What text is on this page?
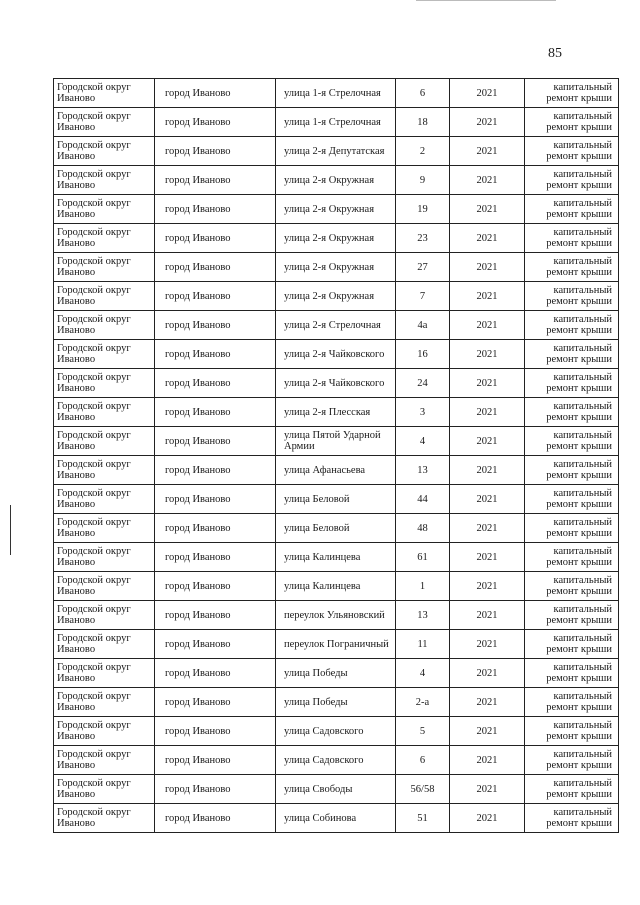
85
Городской округ Иваново	город Иваново	улица 1-я Стрелочная	6	2021	капитальный ремонт крыши
Городской округ Иваново	город Иваново	улица 1-я Стрелочная	18	2021	капитальный ремонт крыши
Городской округ Иваново	город Иваново	улица 2-я Депутатская	2	2021	капитальный ремонт крыши
Городской округ Иваново	город Иваново	улица 2-я Окружная	9	2021	капитальный ремонт крыши
Городской округ Иваново	город Иваново	улица 2-я Окружная	19	2021	капитальный ремонт крыши
Городской округ Иваново	город Иваново	улица 2-я Окружная	23	2021	капитальный ремонт крыши
Городской округ Иваново	город Иваново	улица 2-я Окружная	27	2021	капитальный ремонт крыши
Городской округ Иваново	город Иваново	улица 2-я Окружная	7	2021	капитальный ремонт крыши
Городской округ Иваново	город Иваново	улица 2-я Стрелочная	4а	2021	капитальный ремонт крыши
Городской округ Иваново	город Иваново	улица 2-я Чайковского	16	2021	капитальный ремонт крыши
Городской округ Иваново	город Иваново	улица 2-я Чайковского	24	2021	капитальный ремонт крыши
Городской округ Иваново	город Иваново	улица 2-я Плесская	3	2021	капитальный ремонт крыши
Городской округ Иваново	город Иваново	улица Пятой Ударной Армии	4	2021	капитальный ремонт крыши
Городской округ Иваново	город Иваново	улица Афанасьева	13	2021	капитальный ремонт крыши
Городской округ Иваново	город Иваново	улица Беловой	44	2021	капитальный ремонт крыши
Городской округ Иваново	город Иваново	улица Беловой	48	2021	капитальный ремонт крыши
Городской округ Иваново	город Иваново	улица Калинцева	61	2021	капитальный ремонт крыши
Городской округ Иваново	город Иваново	улица Калинцева	1	2021	капитальный ремонт крыши
Городской округ Иваново	город Иваново	переулок Ульяновский	13	2021	капитальный ремонт крыши
Городской округ Иваново	город Иваново	переулок Пограничный	11	2021	капитальный ремонт крыши
Городской округ Иваново	город Иваново	улица Победы	4	2021	капитальный ремонт крыши
Городской округ Иваново	город Иваново	улица Победы	2-а	2021	капитальный ремонт крыши
Городской округ Иваново	город Иваново	улица Садовского	5	2021	капитальный ремонт крыши
Городской округ Иваново	город Иваново	улица Садовского	6	2021	капитальный ремонт крыши
Городской округ Иваново	город Иваново	улица Свободы	56/58	2021	капитальный ремонт крыши
Городской округ Иваново	город Иваново	улица Собинова	51	2021	капитальный ремонт крыши
